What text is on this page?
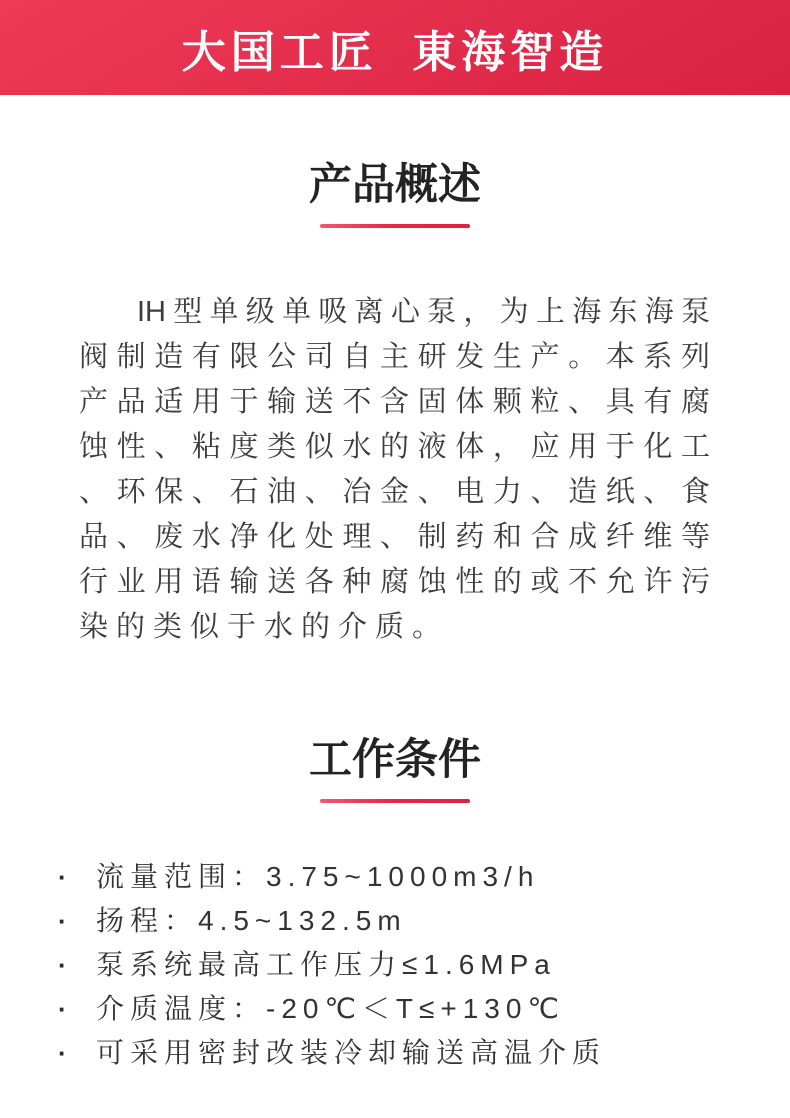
大国工匠  東海智造
产品概述
IH型单级单吸离心泵，为上海东海泵
阀制造有限公司自主研发生产。本系列
产品适用于输送不含固体颗粒、具有腐
蚀性、粘度类似水的液体，应用于化工
、环保、石油、冶金、电力、造纸、食
品、废水净化处理、制药和合成纤维等
行业用语输送各种腐蚀性的或不允许污
染的类似于水的介质。
工作条件
·	流量范围：3.75~1000m3/h
·	扬程：4.5~132.5m
·	泵系统最高工作压力≤1.6MPa
·	介质温度：-20℃＜T≤+130℃
·	可采用密封改装冷却输送高温介质
